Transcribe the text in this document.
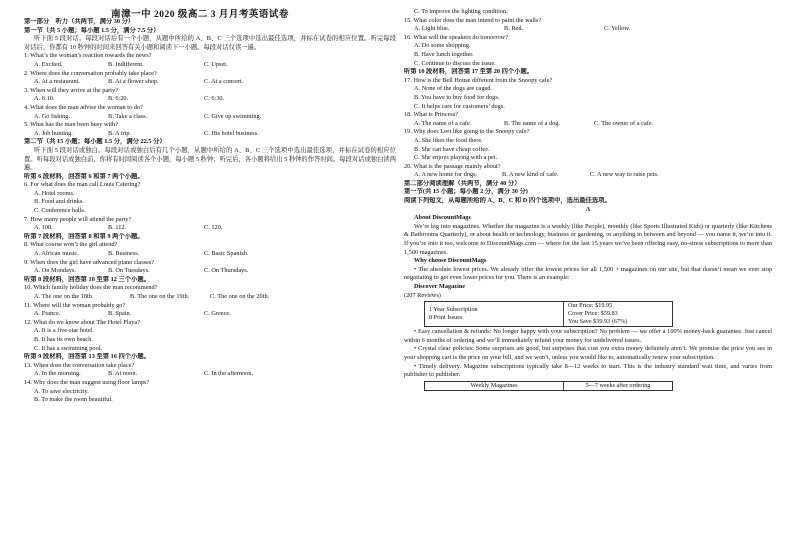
南漳一中 2020 级高二 3 月月考英语试卷
第一部分　听力（共两节，满分 30 分）
第一节（共 5 小题；每小题 1.5 分，满分 7.5 分）
听下面 5 段对话。每段对话后有一个小题，从题中所给的 A、B、C 三个选项中选出最佳选项，并标在试卷的相应位置。听完每段对话后，你都有 10 秒钟的时间来回答有关小题和阅读下一小题。每段对话仅读一遍。
1. What’s the woman’s reaction towards the news?
A. Excited.	B. Indifferent.	C. Upset.
2. Where does the conversation probably take place?
A. At a restaurant.	B. At a flower shop.	C. At a concert.
3. When will they arrive at the party?
A. 6:10.	B. 6:20.	C. 6:30.
4. What does the man advise the woman to do?
A. Go fishing.	B. Take a class.	C. Give up swimming.
5. What has the man been busy with?
A. Job hunting.	B. A trip.	C. His hotel business.
第二节（共 15 小题；每小题 1.5 分，满分 22.5 分）
听下面 5 段对话或独白。每段对话或独白后有几个小题，从题中所给的 A、B、C 三个选项中选出最佳选项，并标在试卷的相应位置。听每段对话或独白前，你将有时间阅读各个小题，每小题 5 秒钟；听完后，各小题将给出 5 秒钟的作答时间。每段对话或独白读两遍。
听第 6 段材料，回答第 6 和第 7 两个小题。
6. For what does the man call Louis Catering?
A. Hotel rooms.
B. Food and drinks.
C. Conference halls.
7. How many people will attend the party?
A. 108.	B. 112.	C. 120.
听第 7 段材料，回答第 8 和第 9 两个小题。
8. What course won’t the girl attend?
A. African music.	B. Business.	C. Basic Spanish.
9. When does the girl have advanced piano classes?
A. On Mondays.	B. On Tuesdays.	C. On Thursdays.
听第 8 段材料，回答第 10 至第 12 三个小题。
10. Which family holiday does the man recommend?
A. The one on the 18th.	B. The one on the 19th.	C. The one on the 20th.
11. Where will the woman probably go?
A. France.	B. Spain.	C. Greece.
12. What do we know about The Hotel Playa?
A. It is a five-star hotel.
B. It has its own beach.
C. It has a swimming pool.
听第 9 段材料，回答第 13 至第 16 四个小题。
13. When does the conversation take place?
A. In the morning.	B. At noon.	C. In the afternoon.
14. Why does the man suggest using floor lamps?
A. To save electricity.
B. To make the room beautiful.
C. To improve the lighting condition.
15. What color does the man intend to paint the walls?
A. Light blue.	B. Red.	C. Yellow.
16. What will the speakers do tomorrow?
A. Do some shopping.
B. Have lunch together.
C. Continue to discuss the issue.
听第 10 段材料，回答第 17 至第 20 四个小题。
17. How is the Bell House different from the Snoopy cafe?
A. None of the dogs are caged.
B. You have to buy food for dogs.
C. It helps care for customers’ dogs.
18. What is Princess?
A. The name of a cafe.	B. The name of a dog.	C. The owner of a cafe.
19. Why does Lori like going to the Snoopy cafe?
A. She likes the food there.
B. She can have cheap coffee.
C. She enjoys playing with a pet.
20. What is the passage mainly about?
A. A new home for dogs.	B. A new kind of cafe.	C. A new way to raise pets.
第二部分阅读理解（共两节，满分 40 分）
第一节(共 15 小题；每小题 2 分，满分 30 分)
阅读下列短文，从每题所给的 A、B、C 和 D 四个选项中，选出最佳选项。
A
About DiscountMags
We’re big into magazines. Whether the magazine is a weekly (like People), monthly (like Sports Illustrated Kids) or quarterly (like Kitchens & Bathrooms Quarterly), or about health or technology, business or gardening, or anything in between and beyond — you name it, we’re into it. If you’re into it too, welcome to DiscountMags.com — where for the last 15 years we’ve been offering easy, no-stress subscriptions to more than 1,500 magazines.
Why choose DiscountMags
• The absolute lowest prices. We already offer the lowest prices for all 1,500 + magazines on our site, but that doesn’t mean we ever stop negotiating to get even lower prices for you. There is an example:
Discover Magazine
(207 Reviews)
1 Year Subscription
8 Print Issues

Our Price: $19.95
Cover Price: $59.83
You Save $39.93 (67%)
• Easy cancellation & refunds: No longer happy with your subscription? No problem — we offer a 100% money-back guarantee. Just cancel within 6 months of ordering and we’ll immediately refund your money for undelivered issues.
• Crystal clear policies: Some surprises are good, but surprises that cost you extra money definitely aren’t. We promise the price you see in your shopping cart is the price on your bill, and we won’t, unless you would like to, automatically renew your subscription.
• Timely delivery. Magazine subscriptions typically take 8—12 weeks to start. This is the industry standard wait time, and varies from publisher to publisher.
Weekly Magazines	5—7 weeks after ordering
